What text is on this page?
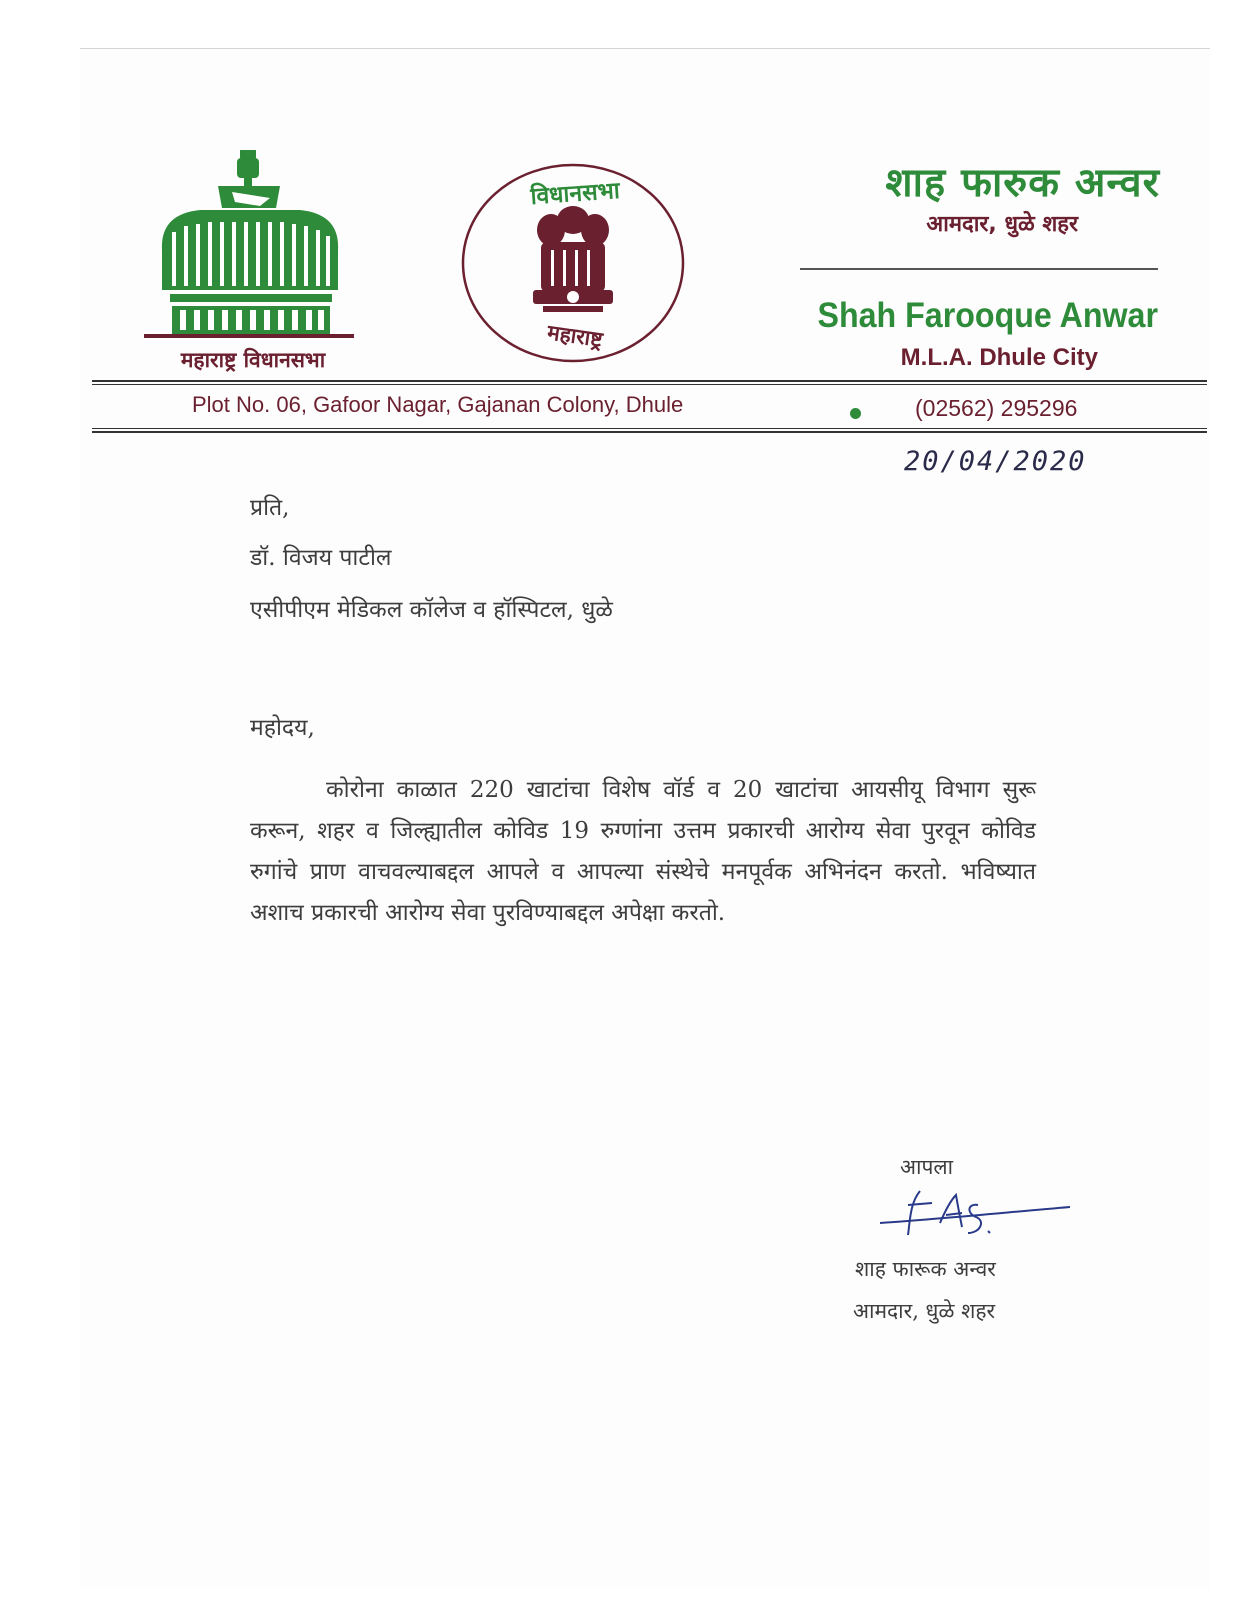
महाराष्ट्र विधानसभा
विधानसभा
महाराष्ट्र
शाह फारुक अन्वर
आमदार, धुळे शहर
Shah Farooque Anwar
M.L.A. Dhule City
Plot No. 06, Gafoor Nagar, Gajanan Colony, Dhule	(02562) 295296
20/04/2020
प्रति,
डॉ. विजय पाटील
एसीपीएम मेडिकल कॉलेज व हॉस्पिटल, धुळे
महोदय,

कोरोना काळात 220 खाटांचा विशेष वॉर्ड व 20 खाटांचा आयसीयू विभाग सुरू करून, शहर व जिल्ह्यातील कोविड 19 रुग्णांना उत्तम प्रकारची आरोग्य सेवा पुरवून कोविड रुगांचे प्राण वाचवल्याबद्दल आपले व आपल्या संस्थेचे मनपूर्वक अभिनंदन करतो. भविष्यात अशाच प्रकारची आरोग्य सेवा पुरविण्याबद्दल अपेक्षा करतो.

आपला
F.A.S.
शाह फारूक अन्वर
आमदार, धुळे शहर
